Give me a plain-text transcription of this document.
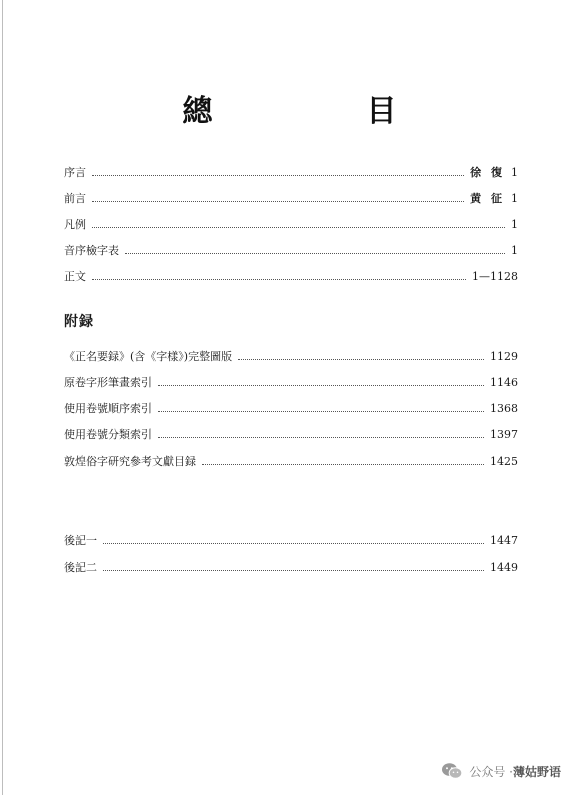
總　目
序言	徐 復 1
前言	黄 征 1
凡例	1
音序檢字表	1
正文	1—1128
附録
《正名要録》(含《字樣》)完整圖版	1129
原卷字形筆畫索引	1146
使用卷號順序索引	1368
使用卷號分類索引	1397
敦煌俗字研究參考文獻目録	1425
後記一	1447
後記二	1449
公众号 · 薄姑野语
